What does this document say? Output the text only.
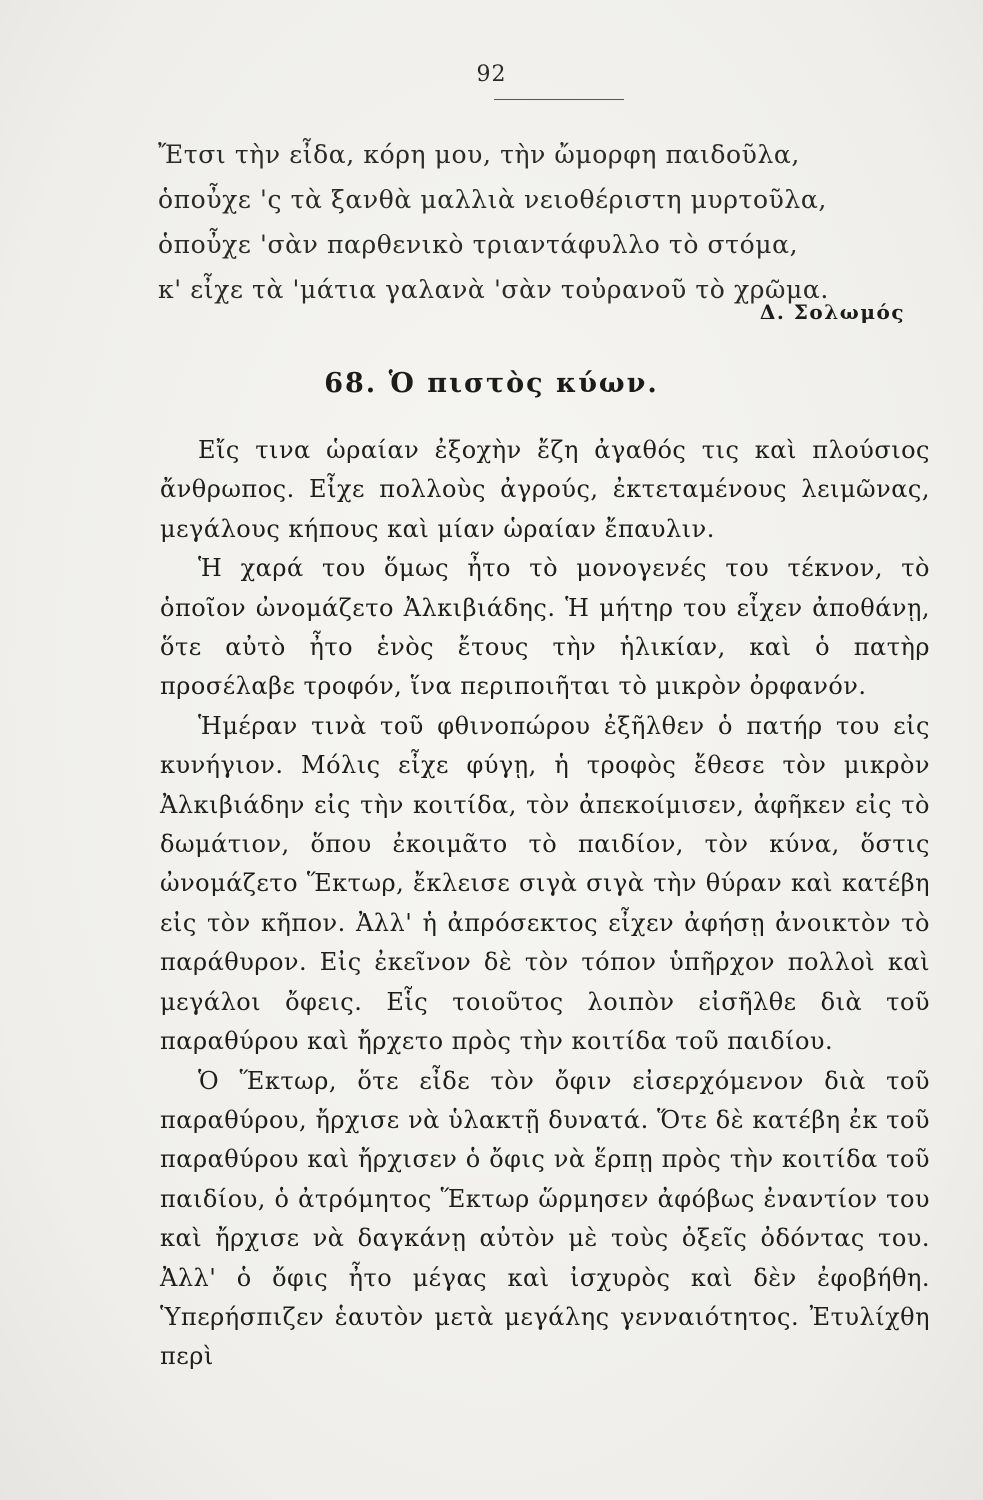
92
Ἔτσι τὴν εἶδα, κόρη μου, τὴν ὤμορφη παιδοῦλα,
ὁποὖχε 'ς τὰ ξανθὰ μαλλιὰ νειοθέριστη μυρτοῦλα,
ὁποὖχε 'σὰν παρθενικὸ τριαντάφυλλο τὸ στόμα,
κ' εἶχε τὰ 'μάτια γαλανὰ 'σὰν τοὐρανοῦ τὸ χρῶμα.
Δ. Σολωμός
68. Ὁ πιστὸς κύων.

Εἴς τινα ὡραίαν ἐξοχὴν ἔζη ἀγαθός τις καὶ πλούσιος ἄνθρωπος. Εἶχε πολλοὺς ἀγρούς, ἐκτεταμένους λειμῶνας, μεγάλους κήπους καὶ μίαν ὡραίαν ἔπαυλιν.

Ἡ χαρά του ὅμως ἦτο τὸ μονογενές του τέκνον, τὸ ὁποῖον ὠνομάζετο Ἀλκιβιάδης. Ἡ μήτηρ του εἶχεν ἀποθάνῃ, ὅτε αὐτὸ ἦτο ἑνὸς ἔτους τὴν ἡλικίαν, καὶ ὁ πατὴρ προσέλαβε τροφόν, ἵνα περιποιῆται τὸ μικρὸν ὀρφανόν.

Ἡμέραν τινὰ τοῦ φθινοπώρου ἐξῆλθεν ὁ πατήρ του εἰς κυνήγιον. Μόλις εἶχε φύγῃ, ἡ τροφὸς ἔθεσε τὸν μικρὸν Ἀλκιβιάδην εἰς τὴν κοιτίδα, τὸν ἀπεκοίμισεν, ἀφῆκεν εἰς τὸ δωμάτιον, ὅπου ἐκοιμᾶτο τὸ παιδίον, τὸν κύνα, ὅστις ὠνομάζετο Ἕκτωρ, ἔκλεισε σιγὰ σιγὰ τὴν θύραν καὶ κατέβη εἰς τὸν κῆπον. Ἀλλ' ἡ ἀπρόσεκτος εἶχεν ἀφήσῃ ἀνοικτὸν τὸ παράθυρον. Εἰς ἐκεῖνον δὲ τὸν τόπον ὑπῆρχον πολλοὶ καὶ μεγάλοι ὄφεις. Εἷς τοιοῦτος λοιπὸν εἰσῆλθε διὰ τοῦ παραθύρου καὶ ἤρχετο πρὸς τὴν κοιτίδα τοῦ παιδίου.

Ὁ Ἕκτωρ, ὅτε εἶδε τὸν ὄφιν εἰσερχόμενον διὰ τοῦ παραθύρου, ἤρχισε νὰ ὑλακτῇ δυνατά. Ὅτε δὲ κατέβη ἐκ τοῦ παραθύρου καὶ ἤρχισεν ὁ ὄφις νὰ ἕρπῃ πρὸς τὴν κοιτίδα τοῦ παιδίου, ὁ ἀτρόμητος Ἕκτωρ ὥρμησεν ἀφόβως ἐναντίον του καὶ ἤρχισε νὰ δαγκάνῃ αὐτὸν μὲ τοὺς ὀξεῖς ὀδόντας του. Ἀλλ' ὁ ὄφις ἦτο μέγας καὶ ἰσχυρὸς καὶ δὲν ἐφοβήθη. Ὑπερήσπιζεν ἑαυτὸν μετὰ μεγάλης γενναιότητος. Ἐτυλίχθη περὶ
